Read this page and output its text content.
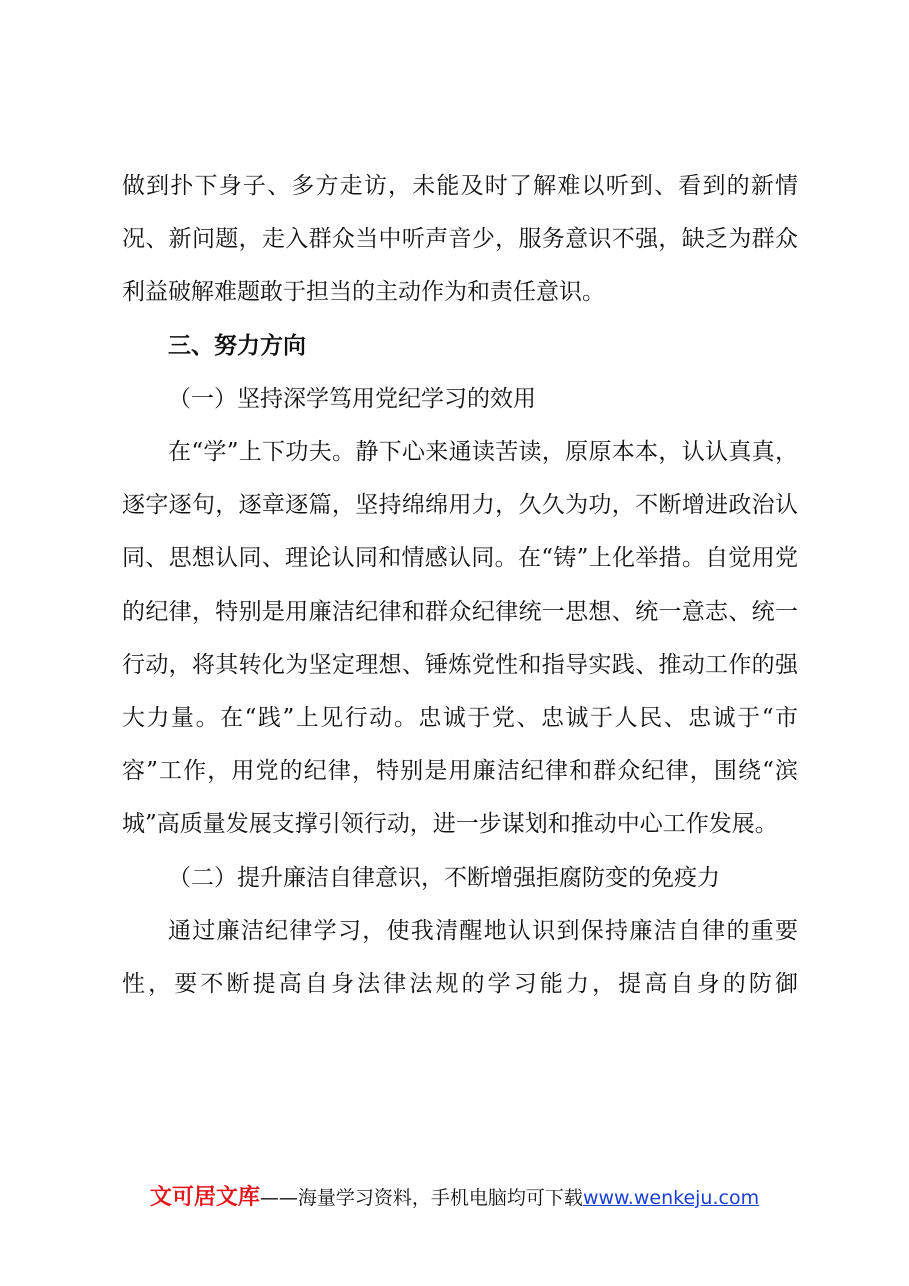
做到扑下身子、多方走访，未能及时了解难以听到、看到的新情况、新问题，走入群众当中听声音少，服务意识不强，缺乏为群众利益破解难题敢于担当的主动作为和责任意识。

三、努力方向

（一）坚持深学笃用党纪学习的效用

在“学”上下功夫。静下心来通读苦读，原原本本，认认真真，逐字逐句，逐章逐篇，坚持绵绵用力，久久为功，不断增进政治认同、思想认同、理论认同和情感认同。在“铸”上化举措。自觉用党的纪律，特别是用廉洁纪律和群众纪律统一思想、统一意志、统一行动，将其转化为坚定理想、锤炼党性和指导实践、推动工作的强大力量。在“践”上见行动。忠诚于党、忠诚于人民、忠诚于“市容”工作，用党的纪律，特别是用廉洁纪律和群众纪律，围绕“滨城”高质量发展支撑引领行动，进一步谋划和推动中心工作发展。

（二）提升廉洁自律意识，不断增强拒腐防变的免疫力

通过廉洁纪律学习，使我清醒地认识到保持廉洁自律的重要性，要不断提高自身法律法规的学习能力，提高自身的防御

文可居文库——海量学习资料，手机电脑均可下载www.wenkeju.com
